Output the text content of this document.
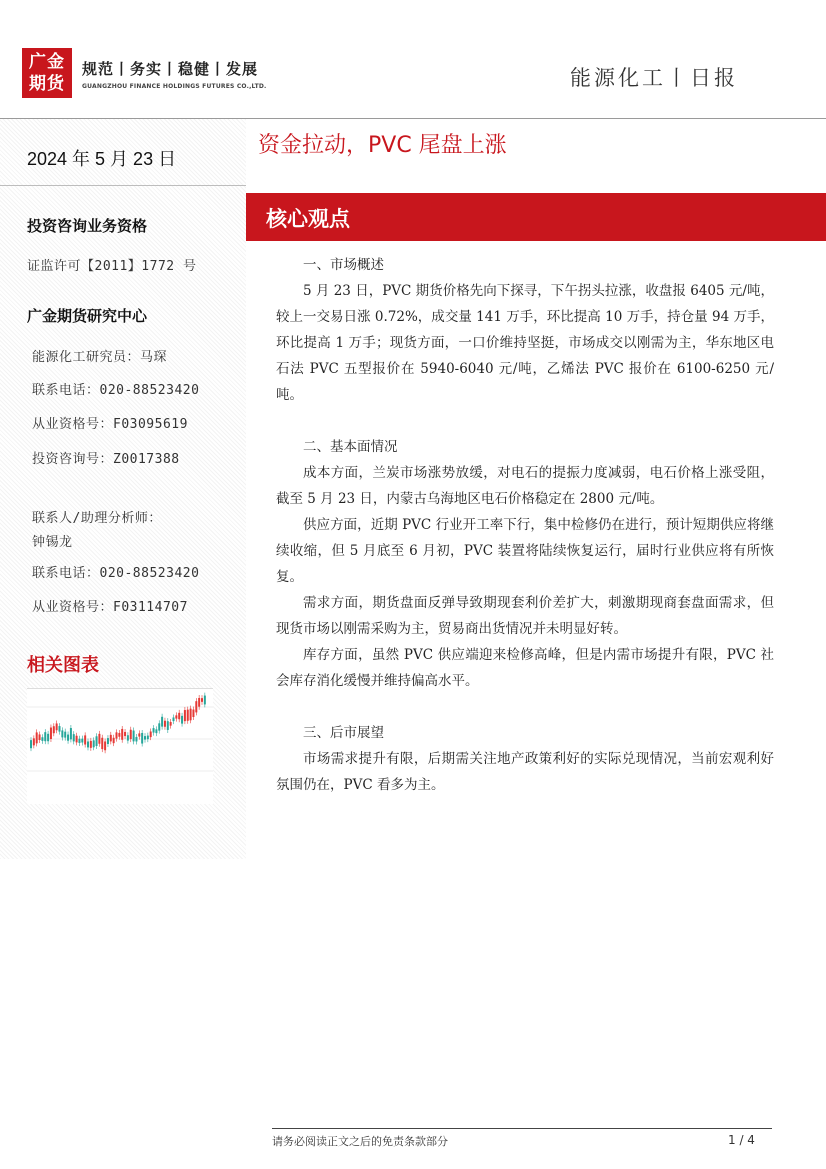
广金
期货
规范丨务实丨稳健丨发展
GUANGZHOU FINANCE HOLDINGS FUTURES CO.,LTD.	能源化工丨日报
2024 年 5 月 23 日
投资咨询业务资格
证监许可【2011】1772 号
广金期货研究中心
能源化工研究员：马琛
联系电话：020-88523420
从业资格号：F03095619
投资咨询号：Z0017388
联系人/助理分析师：
钟锡龙
联系电话：020-88523420
从业资格号：F03114707
相关图表
资金拉动，PVC 尾盘上涨
核心观点

一、市场概述

5 月 23 日，PVC 期货价格先向下探寻，下午拐头拉涨，收盘报 6405 元/吨，较上一交易日涨 0.72%，成交量 141 万手，环比提高 10 万手，持仓量 94 万手，环比提高 1 万手；现货方面，一口价维持坚挺，市场成交以刚需为主，华东地区电石法 PVC 五型报价在 5940-6040 元/吨，乙烯法 PVC 报价在 6100-6250 元/吨。

二、基本面情况

成本方面，兰炭市场涨势放缓，对电石的提振力度减弱，电石价格上涨受阻，截至 5 月 23 日，内蒙古乌海地区电石价格稳定在 2800 元/吨。

供应方面，近期 PVC 行业开工率下行，集中检修仍在进行，预计短期供应将继续收缩，但 5 月底至 6 月初，PVC 装置将陆续恢复运行，届时行业供应将有所恢复。

需求方面，期货盘面反弹导致期现套利价差扩大，刺激期现商套盘面需求，但现货市场以刚需采购为主，贸易商出货情况并未明显好转。

库存方面，虽然 PVC 供应端迎来检修高峰，但是内需市场提升有限，PVC 社会库存消化缓慢并维持偏高水平。

三、后市展望

市场需求提升有限，后期需关注地产政策利好的实际兑现情况，当前宏观利好氛围仍在，PVC 看多为主。

请务必阅读正文之后的免责条款部分	1 / 4
